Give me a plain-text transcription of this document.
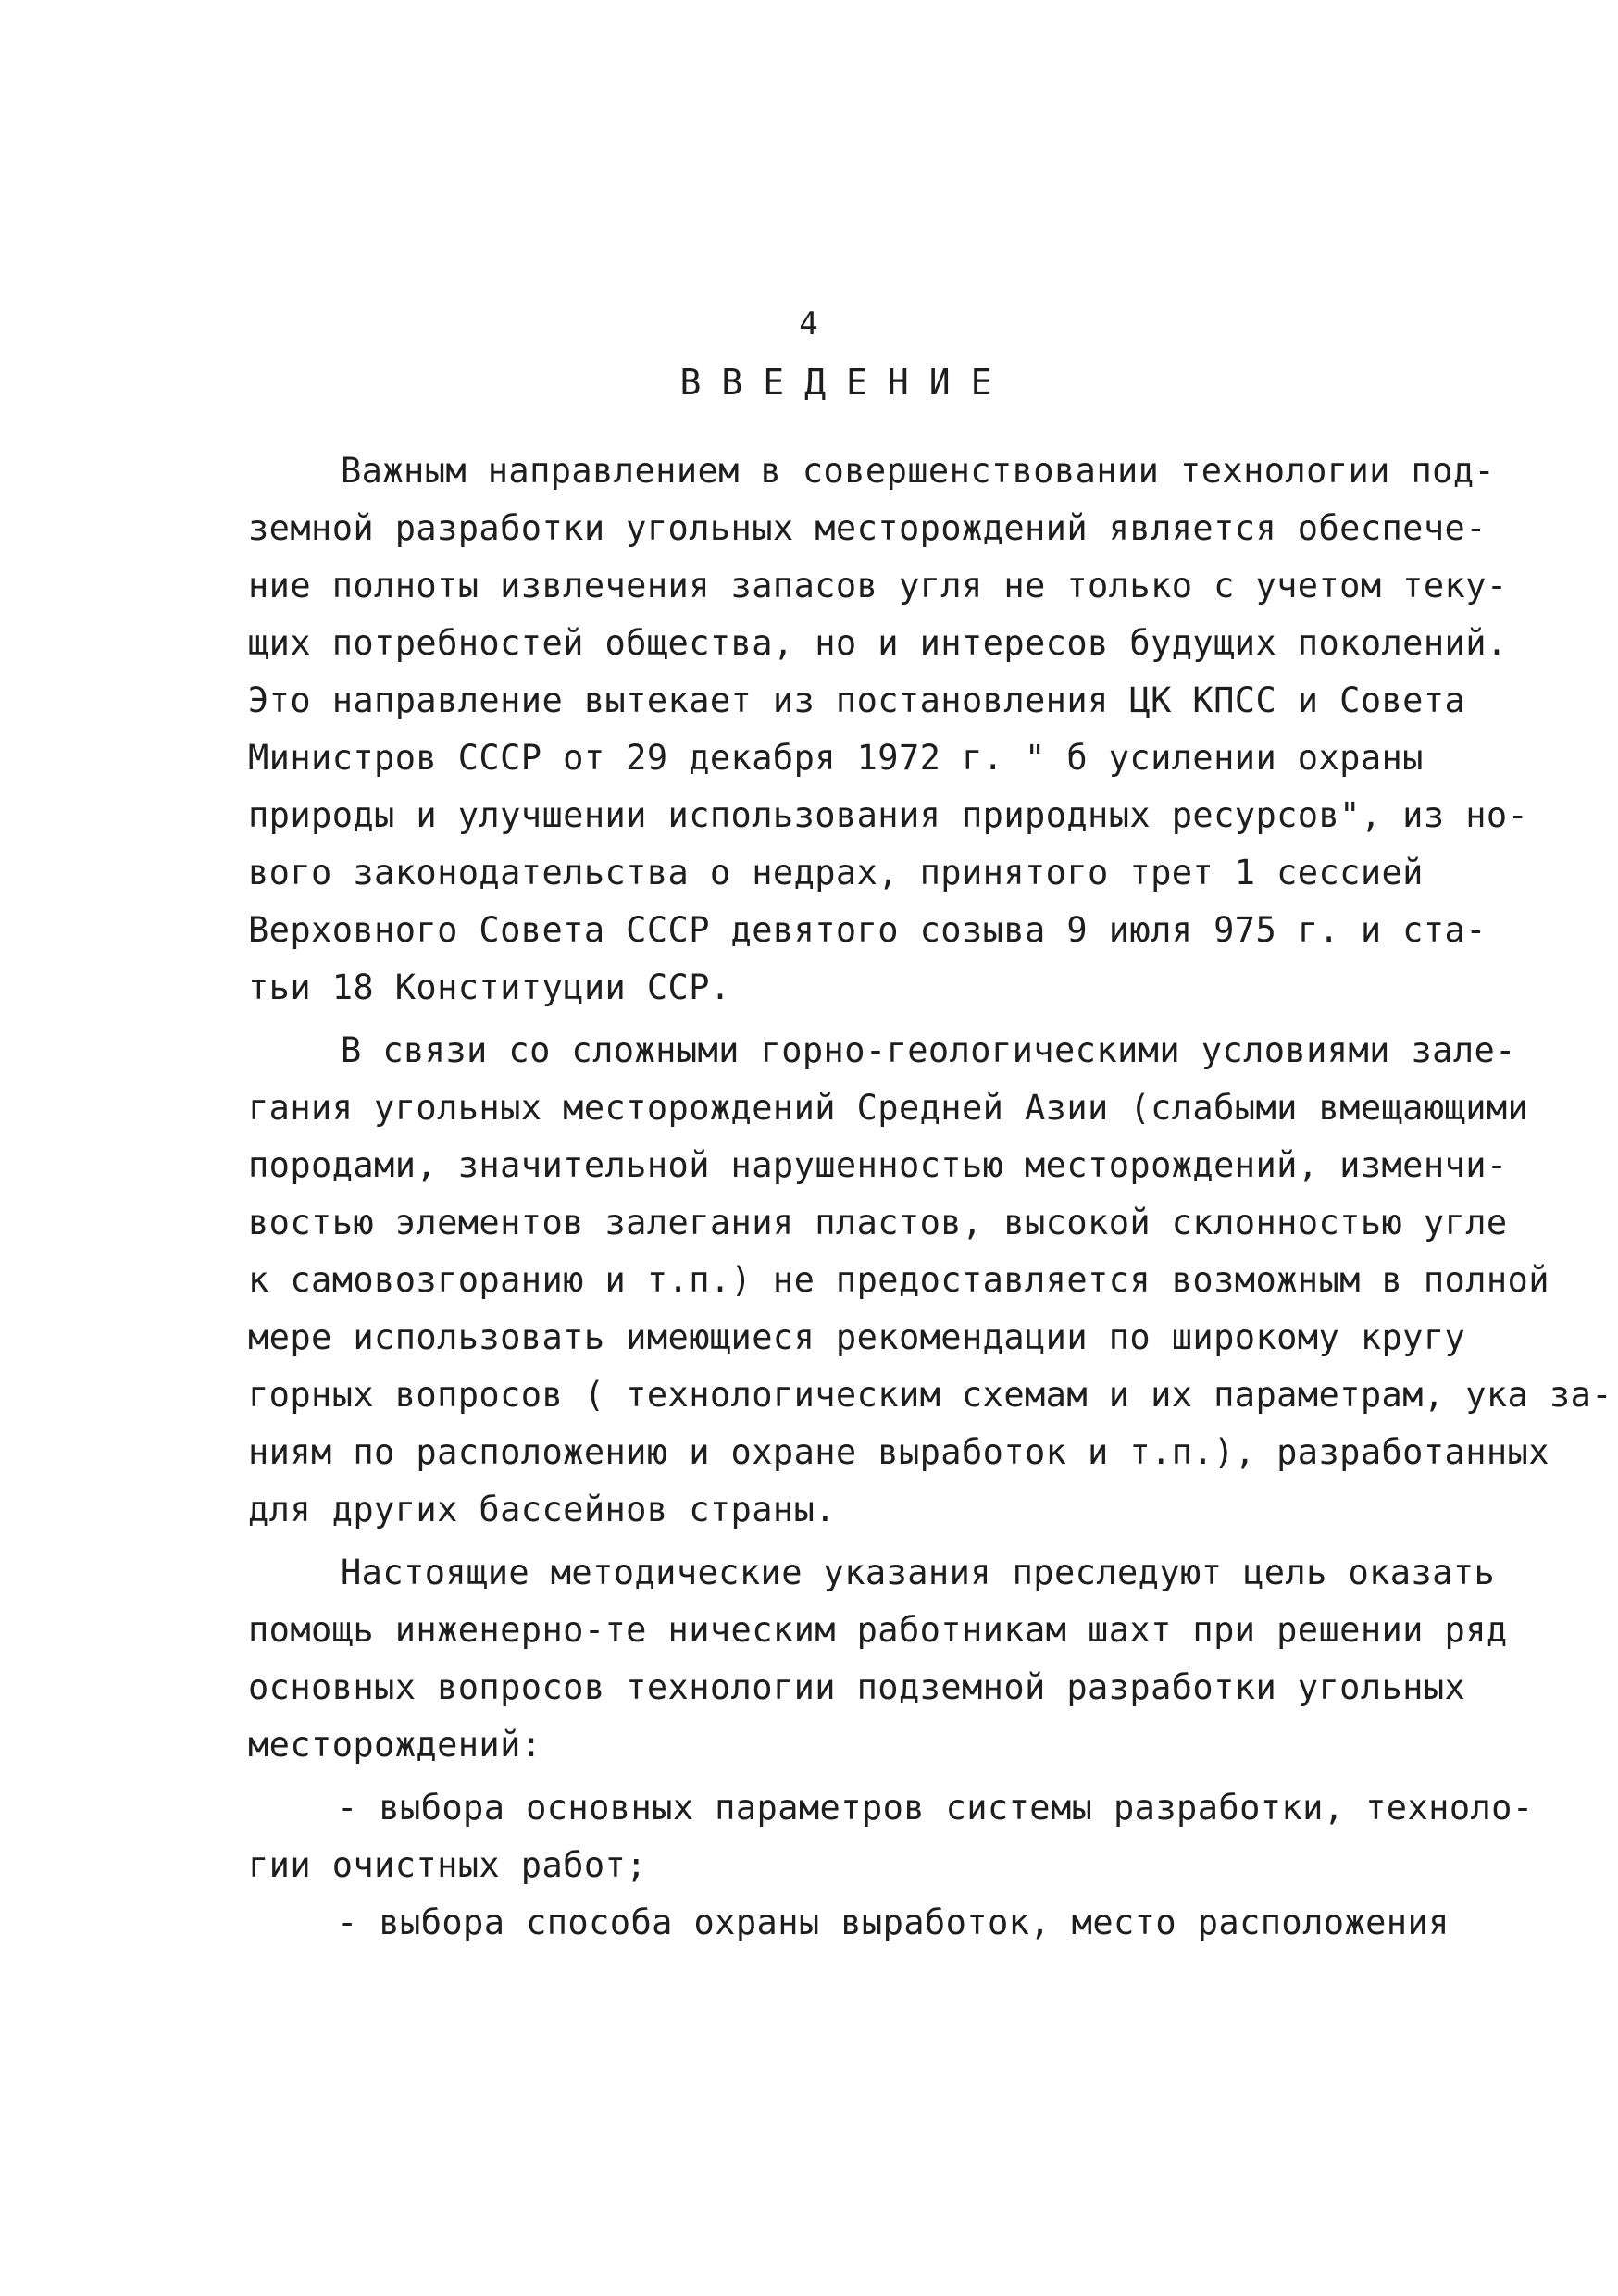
4
ВВЕДЕНИЕ
Важным направлением в совершенствовании технологии под-
земной разработки угольных месторождений является обеспече-
ние полноты извлечения запасов угля не только с учетом теку-
щих потребностей общества, но и интересов будущих поколений.
Это направление вытекает из постановления ЦК КПСС и Совета
Министров СССР от 29 декабря 1972 г. " б усилении охраны
природы и улучшении использования природных ресурсов", из но-
вого законодательства о недрах, принятого трет 1 сессией
Верховного Совета СССР девятого созыва 9 июля 975 г. и ста-
тьи 18 Конституции ССР.
В связи со сложными горно-геологическими условиями зале-
гания угольных месторождений Средней Азии (слабыми вмещающими
породами, значительной нарушенностью месторождений, изменчи-
востью элементов залегания пластов, высокой склонностью угле
к самовозгоранию и т.п.) не предоставляется возможным в полной
мере использовать имеющиеся рекомендации по широкому кругу
горных вопросов ( технологическим схемам и их параметрам, ука за-
ниям по расположению и охране выработок и т.п.), разработанных
для других бассейнов страны.
Настоящие методические указания преследуют цель оказать
помощь инженерно-те ническим работникам шахт при решении ряд
основных вопросов технологии подземной разработки угольных
месторождений:
- выбора основных параметров системы разработки, техноло-
гии очистных работ;
- выбора способа охраны выработок, место расположения
